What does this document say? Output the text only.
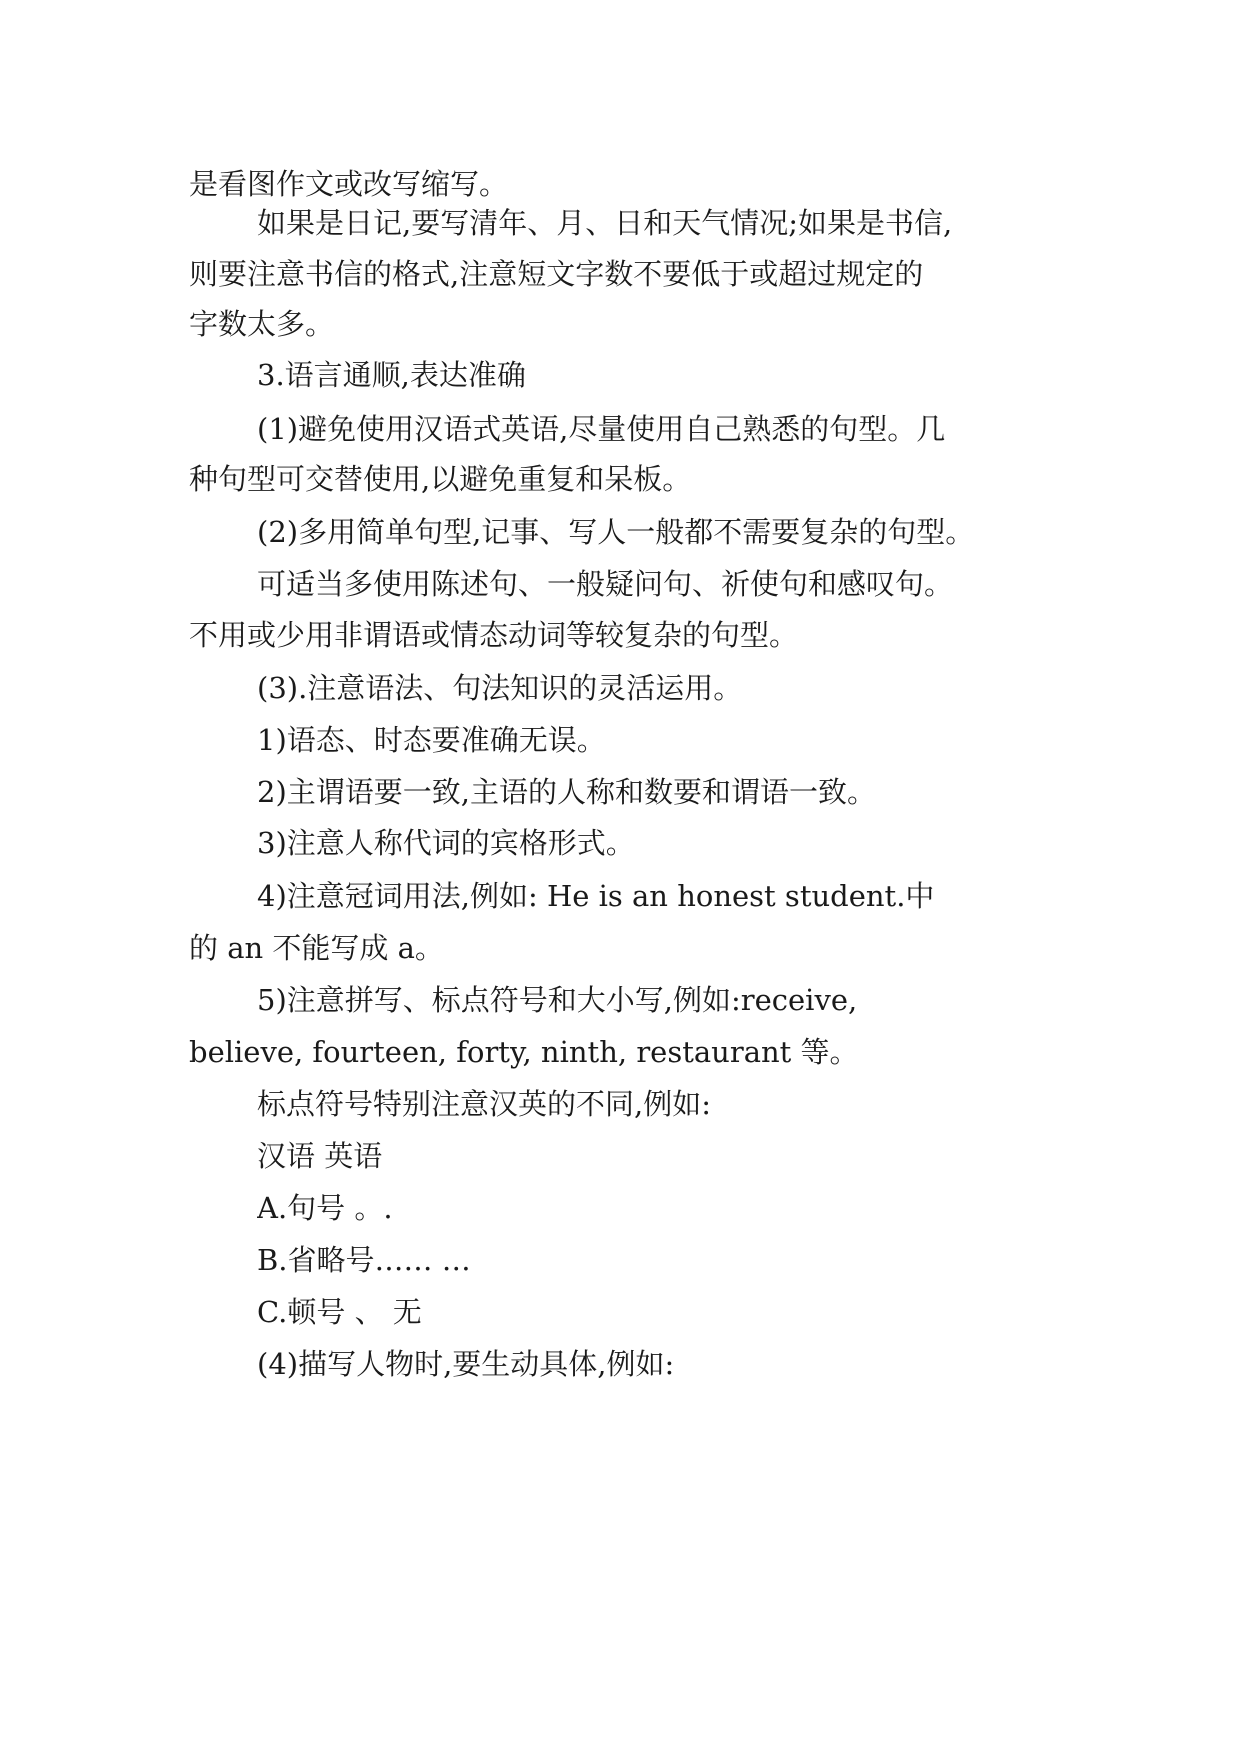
是看图作文或改写缩写。
如果是日记,要写清年、月、日和天气情况;如果是书信,
则要注意书信的格式,注意短文字数不要低于或超过规定的
字数太多。
3.语言通顺,表达准确
(1)避免使用汉语式英语,尽量使用自己熟悉的句型。几
种句型可交替使用,以避免重复和呆板。
(2)多用简单句型,记事、写人一般都不需要复杂的句型。
可适当多使用陈述句、一般疑问句、祈使句和感叹句。
不用或少用非谓语或情态动词等较复杂的句型。
(3).注意语法、句法知识的灵活运用。
1)语态、时态要准确无误。
2)主谓语要一致,主语的人称和数要和谓语一致。
3)注意人称代词的宾格形式。
4)注意冠词用法,例如: He is an honest student.中
的 an 不能写成 a。
5)注意拼写、标点符号和大小写,例如:receive,
believe, fourteen, forty, ninth, restaurant 等。
标点符号特别注意汉英的不同,例如:
汉语 英语
A.句号 。.
B.省略号…… …
C.顿号 、 无
(4)描写人物时,要生动具体,例如:
